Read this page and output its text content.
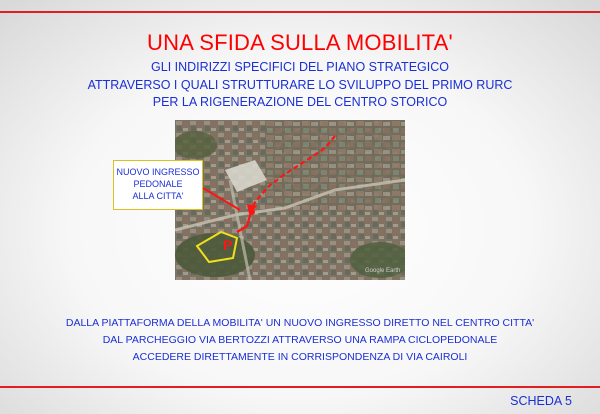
UNA SFIDA SULLA MOBILITA'
GLI INDIRIZZI SPECIFICI DEL PIANO STRATEGICO
ATTRAVERSO I QUALI STRUTTURARE LO SVILUPPO DEL PRIMO RURC
PER LA RIGENERAZIONE DEL CENTRO STORICO
P
Google Earth
NUOVO INGRESSO
PEDONALE
ALLA CITTA'
DALLA PIATTAFORMA DELLA MOBILITA' UN NUOVO INGRESSO DIRETTO NEL CENTRO CITTA'
DAL PARCHEGGIO VIA BERTOZZI ATTRAVERSO UNA RAMPA CICLOPEDONALE
ACCEDERE DIRETTAMENTE IN CORRISPONDENZA DI VIA CAIROLI
SCHEDA 5
